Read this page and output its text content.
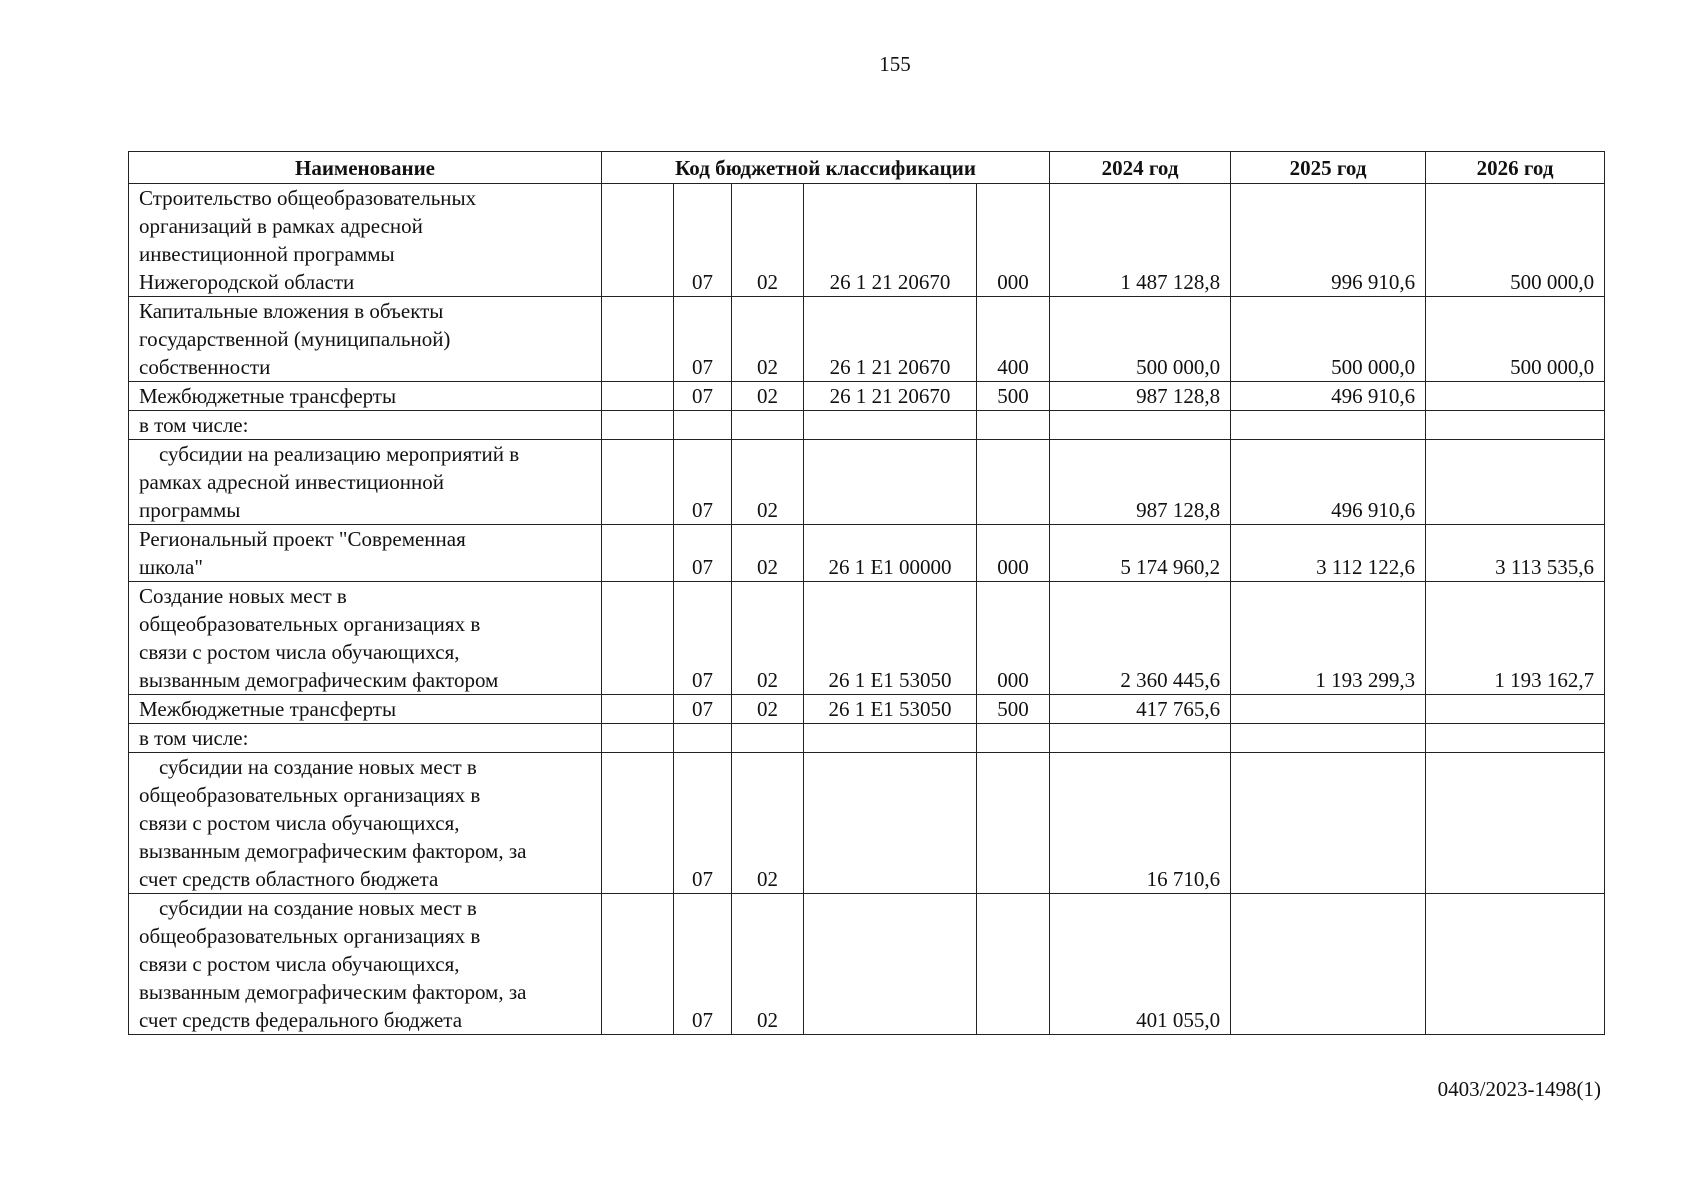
155
Наименование	Код бюджетной классификации					2024 год	2025 год	2026 год
Строительство общеобразовательных
организаций в рамках адресной
инвестиционной программы
Нижегородской области		07	02	26 1 21 20670	000	1 487 128,8	996 910,6	500 000,0
Капитальные вложения в объекты
государственной (муниципальной)
собственности		07	02	26 1 21 20670	400	500 000,0	500 000,0	500 000,0
Межбюджетные трансферты		07	02	26 1 21 20670	500	987 128,8	496 910,6	
в том числе:								
субсидии на реализацию мероприятий в
рамках адресной инвестиционной
программы		07	02			987 128,8	496 910,6	
Региональный проект "Современная
школа"		07	02	26 1 E1 00000	000	5 174 960,2	3 112 122,6	3 113 535,6
Создание новых мест в
общеобразовательных организациях в
связи с ростом числа обучающихся,
вызванным демографическим фактором		07	02	26 1 E1 53050	000	2 360 445,6	1 193 299,3	1 193 162,7
Межбюджетные трансферты		07	02	26 1 E1 53050	500	417 765,6		
в том числе:								
субсидии на создание новых мест в
общеобразовательных организациях в
связи с ростом числа обучающихся,
вызванным демографическим фактором, за
счет средств областного бюджета		07	02			16 710,6		
субсидии на создание новых мест в
общеобразовательных организациях в
связи с ростом числа обучающихся,
вызванным демографическим фактором, за
счет средств федерального бюджета		07	02			401 055,0		
0403/2023-1498(1)
